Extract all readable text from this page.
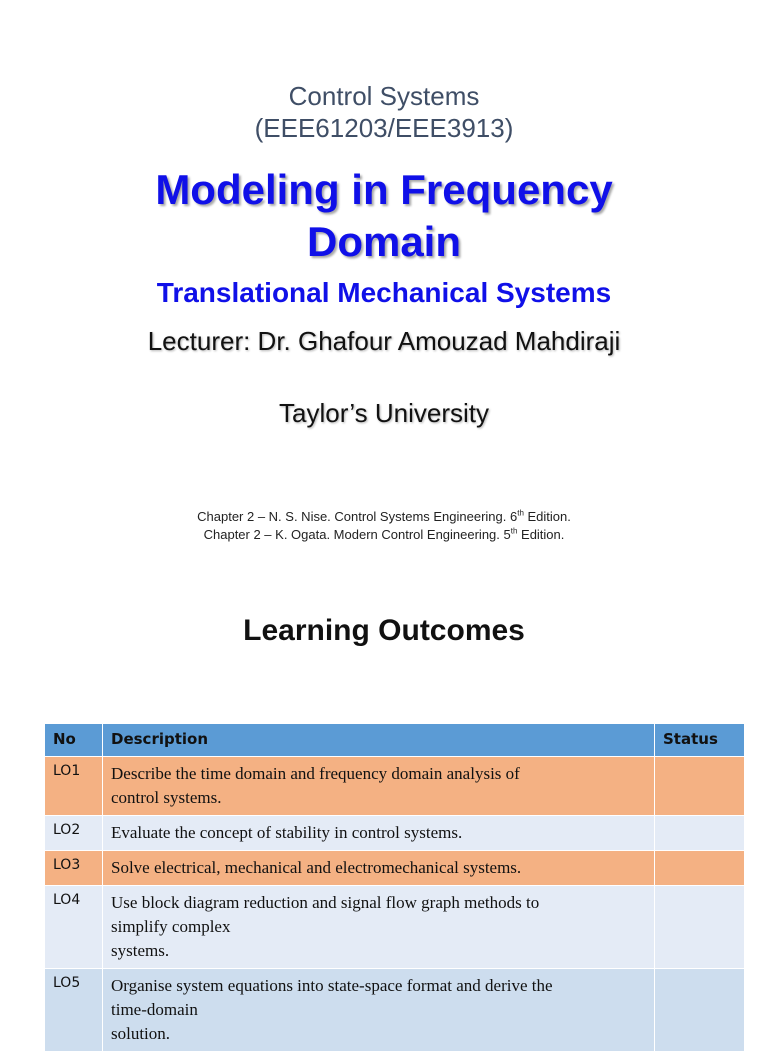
Control Systems
(EEE61203/EEE3913)
Modeling in Frequency
Domain
Translational Mechanical Systems
Lecturer: Dr. Ghafour Amouzad Mahdiraji
Taylor’s University
Chapter 2 – N. S. Nise. Control Systems Engineering. 6th Edition.
Chapter 2 – K. Ogata. Modern Control Engineering. 5th Edition.
Learning Outcomes
No	Description	Status
LO1	Describe the time domain and frequency domain analysis of
control systems.	

LO2	Evaluate the concept of stability in control systems.	

LO3	Solve electrical, mechanical and electromechanical systems.	

LO4	Use block diagram reduction and signal flow graph methods to
simplify complex
systems.	

LO5	Organise system equations into state-space format and derive the
time-domain
solution.	
